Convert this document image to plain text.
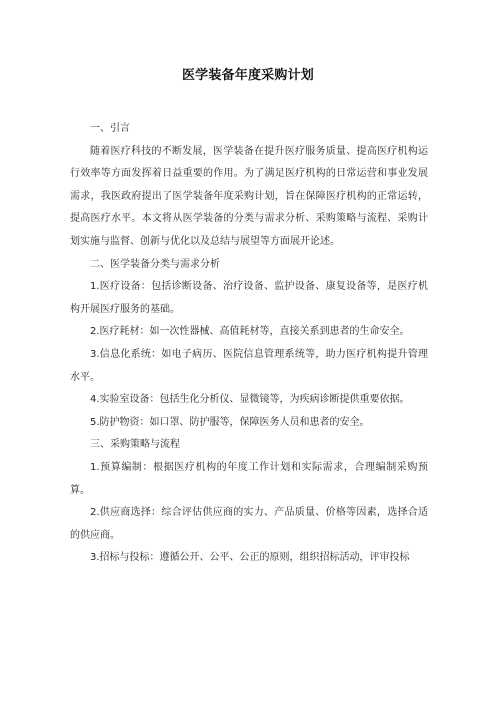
医学装备年度采购计划

一、引言

随着医疗科技的不断发展，医学装备在提升医疗服务质量、提高医疗机构运行效率等方面发挥着日益重要的作用。为了满足医疗机构的日常运营和事业发展需求，我医政府提出了医学装备年度采购计划，旨在保障医疗机构的正常运转，提高医疗水平。本文将从医学装备的分类与需求分析、采购策略与流程、采购计划实施与监督、创新与优化以及总结与展望等方面展开论述。

二、医学装备分类与需求分析

1.医疗设备：包括诊断设备、治疗设备、监护设备、康复设备等，是医疗机构开展医疗服务的基础。

2.医疗耗材：如一次性器械、高值耗材等，直接关系到患者的生命安全。

3.信息化系统：如电子病历、医院信息管理系统等，助力医疗机构提升管理水平。

4.实验室设备：包括生化分析仪、显微镜等，为疾病诊断提供重要依据。

5.防护物资：如口罩、防护服等，保障医务人员和患者的安全。

三、采购策略与流程

1.预算编制：根据医疗机构的年度工作计划和实际需求，合理编制采购预算。

2.供应商选择：综合评估供应商的实力、产品质量、价格等因素，选择合适的供应商。

3.招标与投标：遵循公开、公平、公正的原则，组织招标活动，评审投标
